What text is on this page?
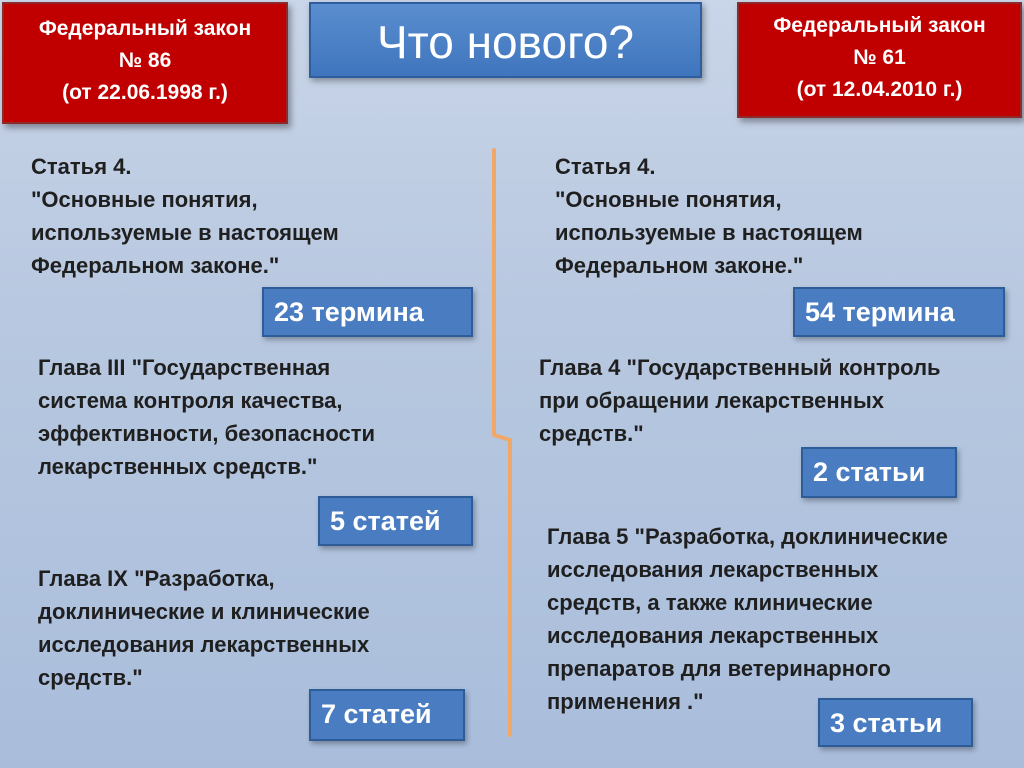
Федеральный закон
№ 86
(от 22.06.1998 г.)
Что нового?	Федеральный закон
№ 61
(от 12.04.2010 г.)
Статья 4.
"Основные понятия,
используемые в настоящем
Федеральном законе."
23 термина
Глава III "Государственная
система контроля качества,
эффективности, безопасности
лекарственных средств."
5 статей
Глава IX "Разработка,
доклинические и клинические
исследования лекарственных
средств."
7 статей
Статья 4.
"Основные понятия,
используемые в настоящем
Федеральном законе."
54 термина
Глава 4 "Государственный контроль
при обращении лекарственных
средств."
2 статьи
Глава 5 "Разработка, доклинические
исследования лекарственных
средств, а также клинические
исследования лекарственных
препаратов для ветеринарного
применения ."
3 статьи
